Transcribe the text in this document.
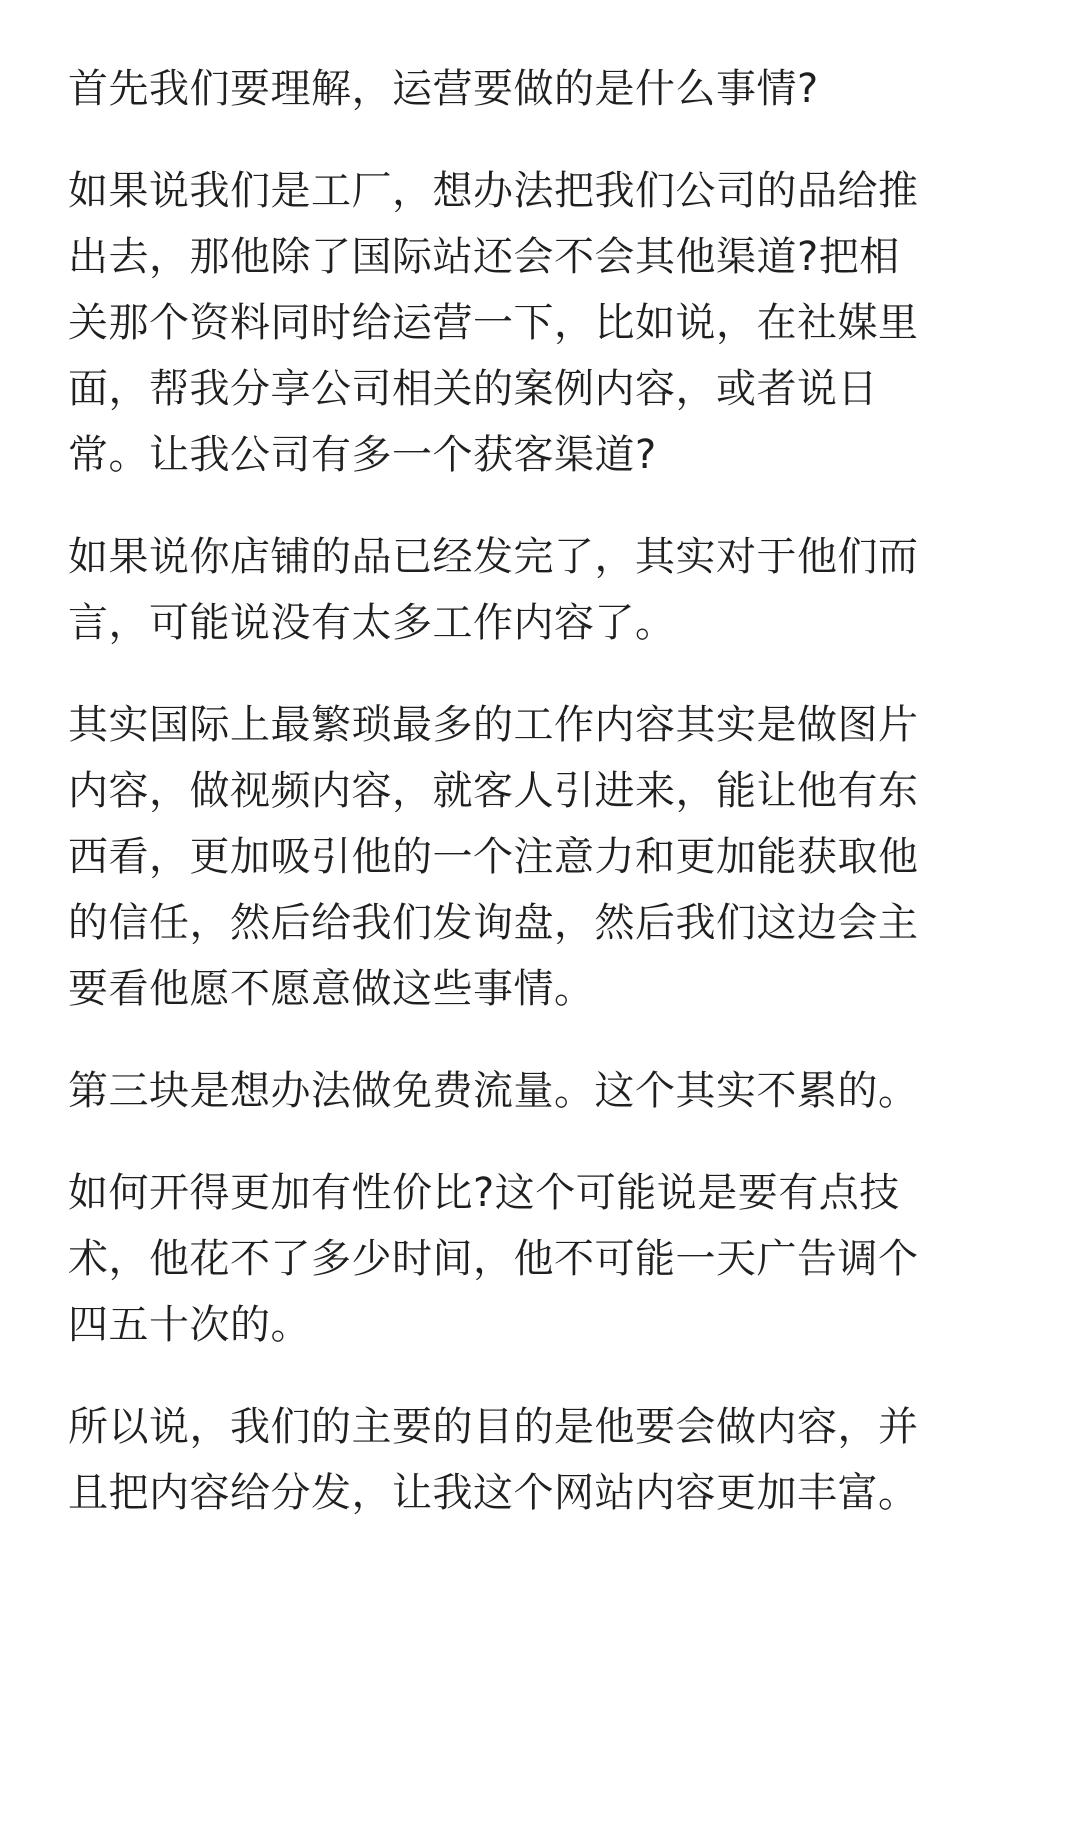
首先我们要理解，运营要做的是什么事情?

如果说我们是工厂，想办法把我们公司的品给推
出去，那他除了国际站还会不会其他渠道?把相
关那个资料同时给运营一下，比如说，在社媒里
面，帮我分享公司相关的案例内容，或者说日
常。让我公司有多一个获客渠道?

如果说你店铺的品已经发完了，其实对于他们而
言，可能说没有太多工作内容了。

其实国际上最繁琐最多的工作内容其实是做图片
内容，做视频内容，就客人引进来，能让他有东
西看，更加吸引他的一个注意力和更加能获取他
的信任，然后给我们发询盘，然后我们这边会主
要看他愿不愿意做这些事情。

第三块是想办法做免费流量。这个其实不累的。

如何开得更加有性价比?这个可能说是要有点技
术，他花不了多少时间，他不可能一天广告调个
四五十次的。

所以说，我们的主要的目的是他要会做内容，并
且把内容给分发，让我这个网站内容更加丰富。
